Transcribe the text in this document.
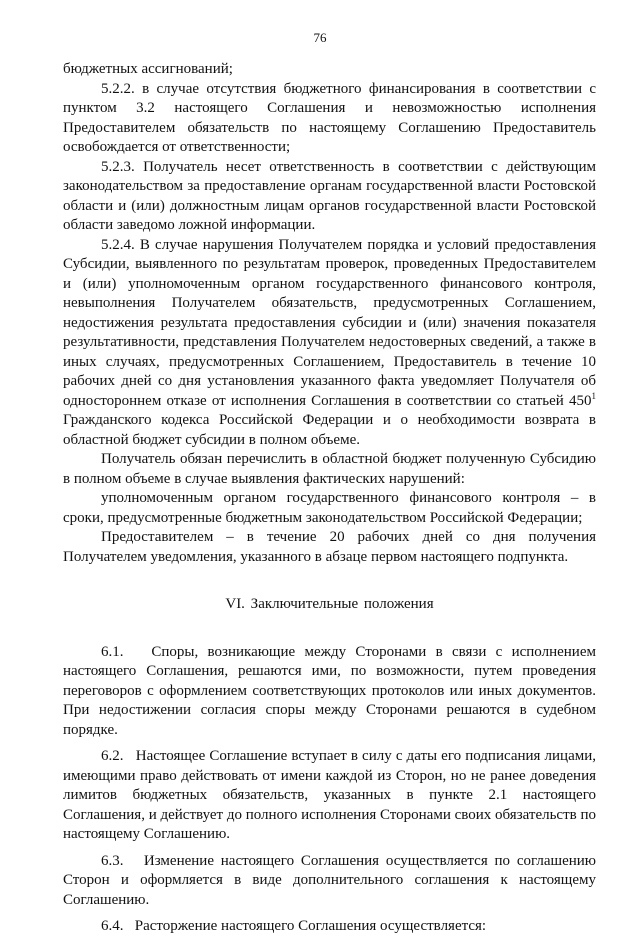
76

бюджетных ассигнований;

5.2.2. в случае отсутствия бюджетного финансирования в соответствии с пунктом 3.2 настоящего Соглашения и невозможностью исполнения Предоставителем обязательств по настоящему Соглашению Предоставитель освобождается от ответственности;

5.2.3. Получатель несет ответственность в соответствии с действующим законодательством за предоставление органам государственной власти Ростовской области и (или) должностным лицам органов государственной власти Ростовской области заведомо ложной информации.

5.2.4. В случае нарушения Получателем порядка и условий предоставления Субсидии, выявленного по результатам проверок, проведенных Предоставителем и (или) уполномоченным органом государственного финансового контроля, невыполнения Получателем обязательств, предусмотренных Соглашением, недостижения результата предоставления субсидии и (или) значения показателя результативности, представления Получателем недостоверных сведений, а также в иных случаях, предусмотренных Соглашением, Предоставитель в течение 10 рабочих дней со дня установления указанного факта уведомляет Получателя об одностороннем отказе от исполнения Соглашения в соответствии со статьей $450^1$ Гражданского кодекса Российской Федерации и о необходимости возврата в областной бюджет субсидии в полном объеме.

Получатель обязан перечислить в областной бюджет полученную Субсидию в полном объеме в случае выявления фактических нарушений:

уполномоченным органом государственного финансового контроля – в сроки, предусмотренные бюджетным законодательством Российской Федерации;

Предоставителем – в течение 20 рабочих дней со дня получения Получателем уведомления, указанного в абзаце первом настоящего подпункта.

VI. Заключительные положения

6.1.   Споры, возникающие между Сторонами в связи с исполнением настоящего Соглашения, решаются ими, по возможности, путем проведения переговоров с оформлением соответствующих протоколов или иных документов. При недостижении согласия споры между Сторонами решаются в судебном порядке.

6.2.   Настоящее Соглашение вступает в силу с даты его подписания лицами, имеющими право действовать от имени каждой из Сторон, но не ранее доведения лимитов бюджетных обязательств, указанных в пункте 2.1 настоящего Соглашения, и действует до полного исполнения Сторонами своих обязательств по настоящему Соглашению.

6.3.   Изменение настоящего Соглашения осуществляется по соглашению Сторон и оформляется в виде дополнительного соглашения к настоящему Соглашению.

6.4.   Расторжение настоящего Соглашения осуществляется:
